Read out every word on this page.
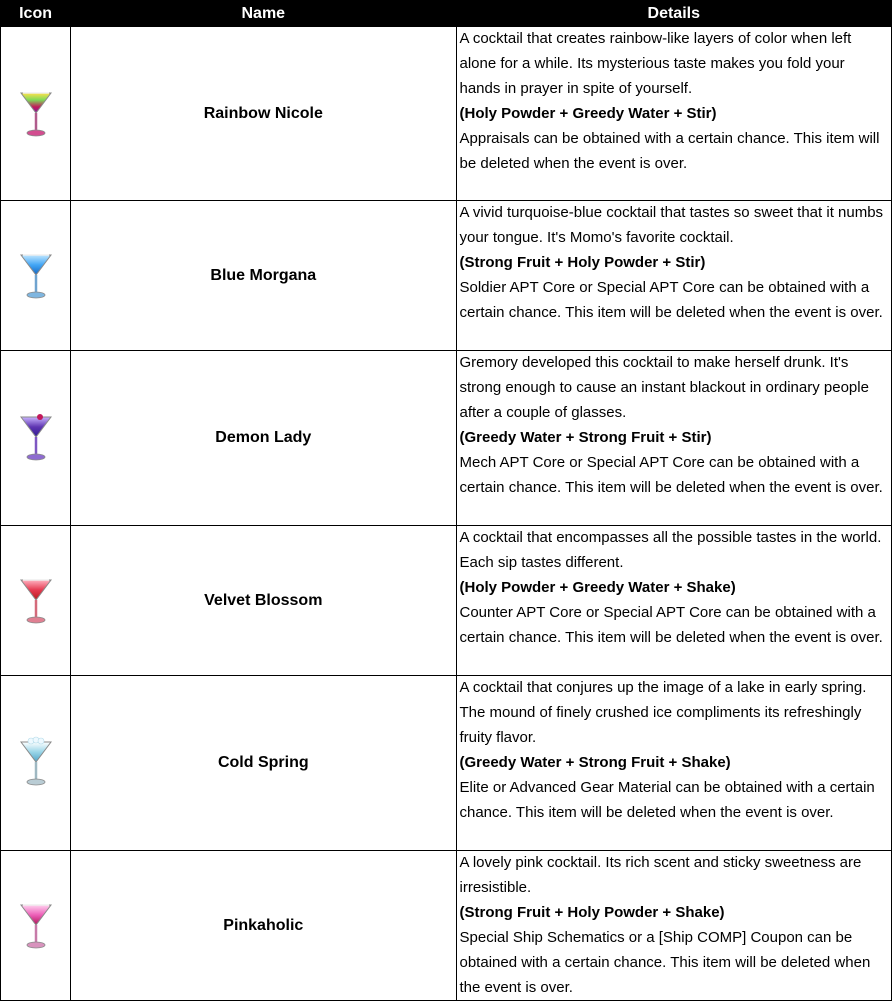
Icon	Name	Details

	Rainbow Nicole	A cocktail that creates rainbow-like layers of color when left alone for a while. Its mysterious taste makes you fold your hands in prayer in spite of yourself.
(Holy Powder + Greedy Water + Stir)
Appraisals can be obtained with a certain chance. This item will be deleted when the event is over.

	Blue Morgana	A vivid turquoise-blue cocktail that tastes so sweet that it numbs your tongue. It's Momo's favorite cocktail.
(Strong Fruit + Holy Powder + Stir)
Soldier APT Core or Special APT Core can be obtained with a certain chance. This item will be deleted when the event is over.

	Demon Lady	Gremory developed this cocktail to make herself drunk. It's strong enough to cause an instant blackout in ordinary people after a couple of glasses.
(Greedy Water + Strong Fruit + Stir)
Mech APT Core or Special APT Core can be obtained with a certain chance. This item will be deleted when the event is over.

	Velvet Blossom	A cocktail that encompasses all the possible tastes in the world. Each sip tastes different.
(Holy Powder + Greedy Water + Shake)
Counter APT Core or Special APT Core can be obtained with a certain chance. This item will be deleted when the event is over.

	Cold Spring	A cocktail that conjures up the image of a lake in early spring. The mound of finely crushed ice compliments its refreshingly fruity flavor.
(Greedy Water + Strong Fruit + Shake)
Elite or Advanced Gear Material can be obtained with a certain chance. This item will be deleted when the event is over.

	Pinkaholic	A lovely pink cocktail. Its rich scent and sticky sweetness are irresistible.
(Strong Fruit + Holy Powder + Shake)
Special Ship Schematics or a [Ship COMP] Coupon can be obtained with a certain chance. This item will be deleted when the event is over.
